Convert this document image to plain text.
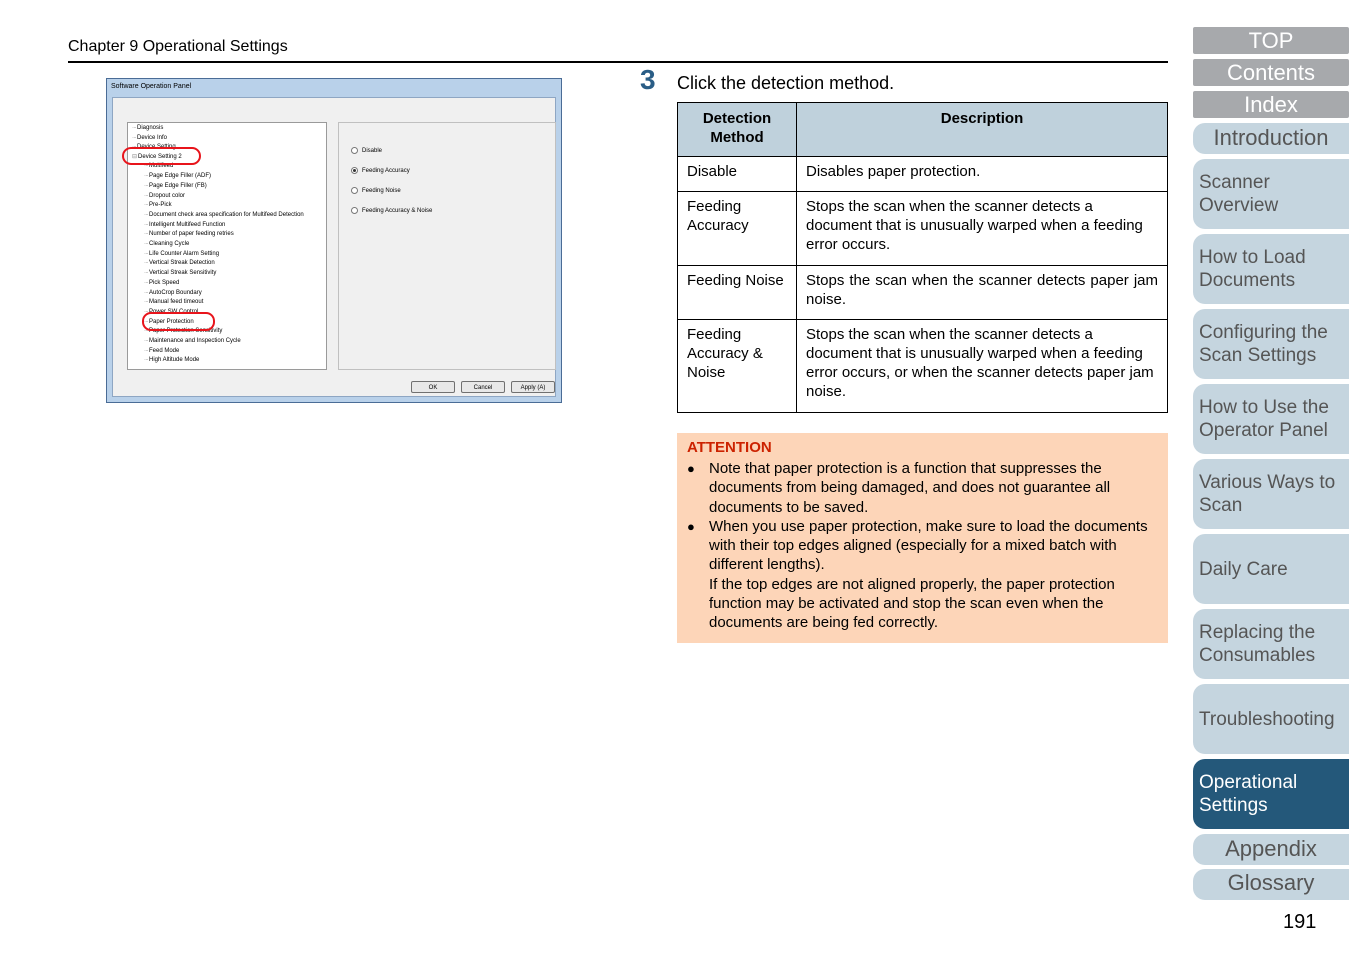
Chapter 9 Operational Settings
Software Operation Panel
·-Diagnosis
·-Device Info
·-Device Setting
⊟Device Setting 2
·-Multifeed
·-Page Edge Filler (ADF)
·-Page Edge Filler (FB)
·-Dropout color
·-Pre-Pick
·-Document check area specification for Multifeed Detection
·-Intelligent Multifeed Function
·-Number of paper feeding retries
·-Cleaning Cycle
·-Life Counter Alarm Setting
·-Vertical Streak Detection
·-Vertical Streak Sensitivity
·-Pick Speed
·-AutoCrop Boundary
·-Manual feed timeout
·-Power SW Control
·-Paper Protection
·-Paper Protection Sensitivity
·-Maintenance and Inspection Cycle
·-Feed Mode
·-High Altitude Mode
Disable
Feeding Accuracy
Feeding Noise
Feeding Accuracy & Noise
OK	Cancel	Apply (A)
3 Click the detection method.
Detection Method	Description
Disable	Disables paper protection.
Feeding Accuracy	Stops the scan when the scanner detects a document that is unusually warped when a feeding error occurs.
Feeding Noise	Stops the scan when the scanner detects paper jam noise.
Feeding Accuracy & Noise	Stops the scan when the scanner detects a document that is unusually warped when a feeding error occurs, or when the scanner detects paper jam noise.
ATTENTION
● Note that paper protection is a function that suppresses the documents from being damaged, and does not guarantee all documents to be saved.
● When you use paper protection, make sure to load the documents with their top edges aligned (especially for a mixed batch with different lengths).
If the top edges are not aligned properly, the paper protection function may be activated and stop the scan even when the documents are being fed correctly.
TOP
Contents
Index
Introduction
Scanner Overview
How to Load Documents
Configuring the Scan Settings
How to Use the Operator Panel
Various Ways to Scan
Daily Care
Replacing the Consumables
Troubleshooting
Operational Settings
Appendix
Glossary
191
